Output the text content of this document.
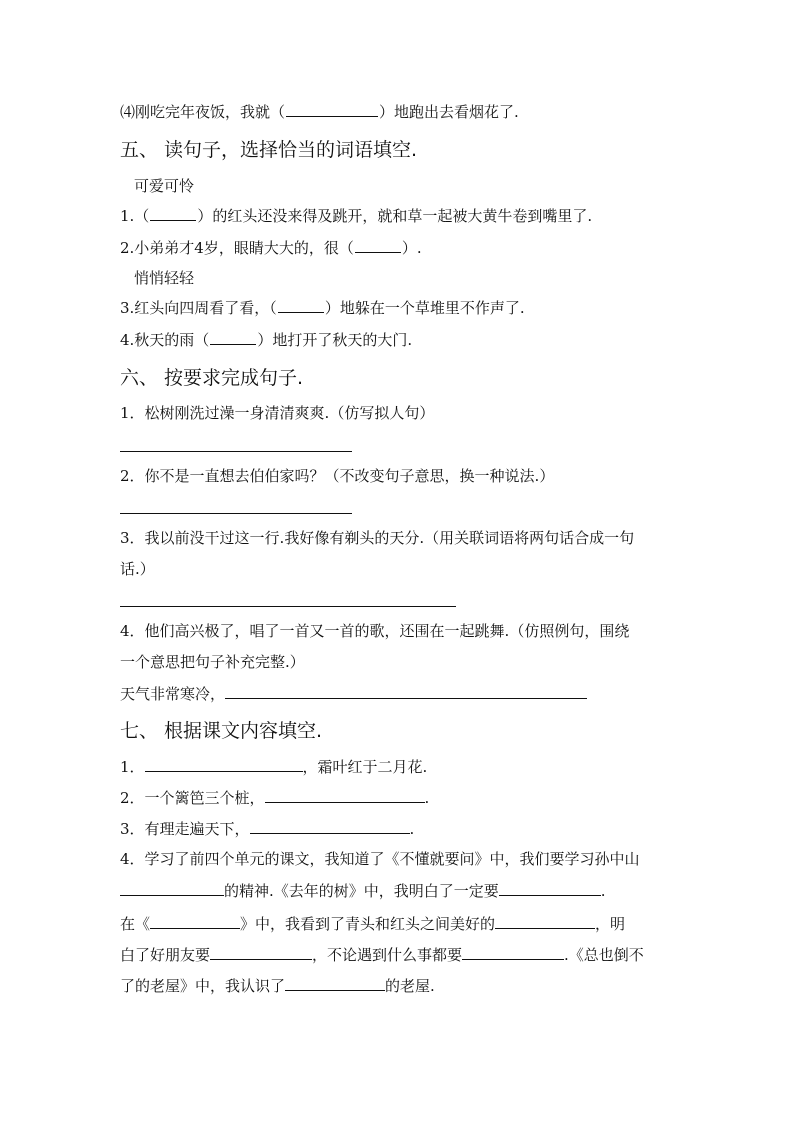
⑷刚吃完年夜饭，我就（	）地跑出去看烟花了.
五、 读句子，选择恰当的词语填空.
可爱可怜
1.（	）的红头还没来得及跳开，就和草一起被大黄牛卷到嘴里了.
2.小弟弟才4岁，眼睛大大的，很（	）.
悄悄轻轻
3.红头向四周看了看，（	）地躲在一个草堆里不作声了.
4.秋天的雨（	）地打开了秋天的大门.
六、 按要求完成句子.
1．松树刚洗过澡一身清清爽爽.（仿写拟人句）
2．你不是一直想去伯伯家吗？（不改变句子意思，换一种说法.）
3．我以前没干过这一行.我好像有剃头的天分.（用关联词语将两句话合成一句
话.）
4．他们高兴极了，唱了一首又一首的歌，还围在一起跳舞.（仿照例句，围绕
一个意思把句子补充完整.）
天气非常寒冷，
七、 根据课文内容填空.
1．	，霜叶红于二月花.
2．一个篱笆三个桩，	.
3．有理走遍天下，	.
4．学习了前四个单元的课文，我知道了《不懂就要问》中，我们要学习孙中山
的精神.《去年的树》中，我明白了一定要	.
在《	》中，我看到了青头和红头之间美好的	，明
白了好朋友要	，不论遇到什么事都要	.《总也倒不
了的老屋》中，我认识了	的老屋.
